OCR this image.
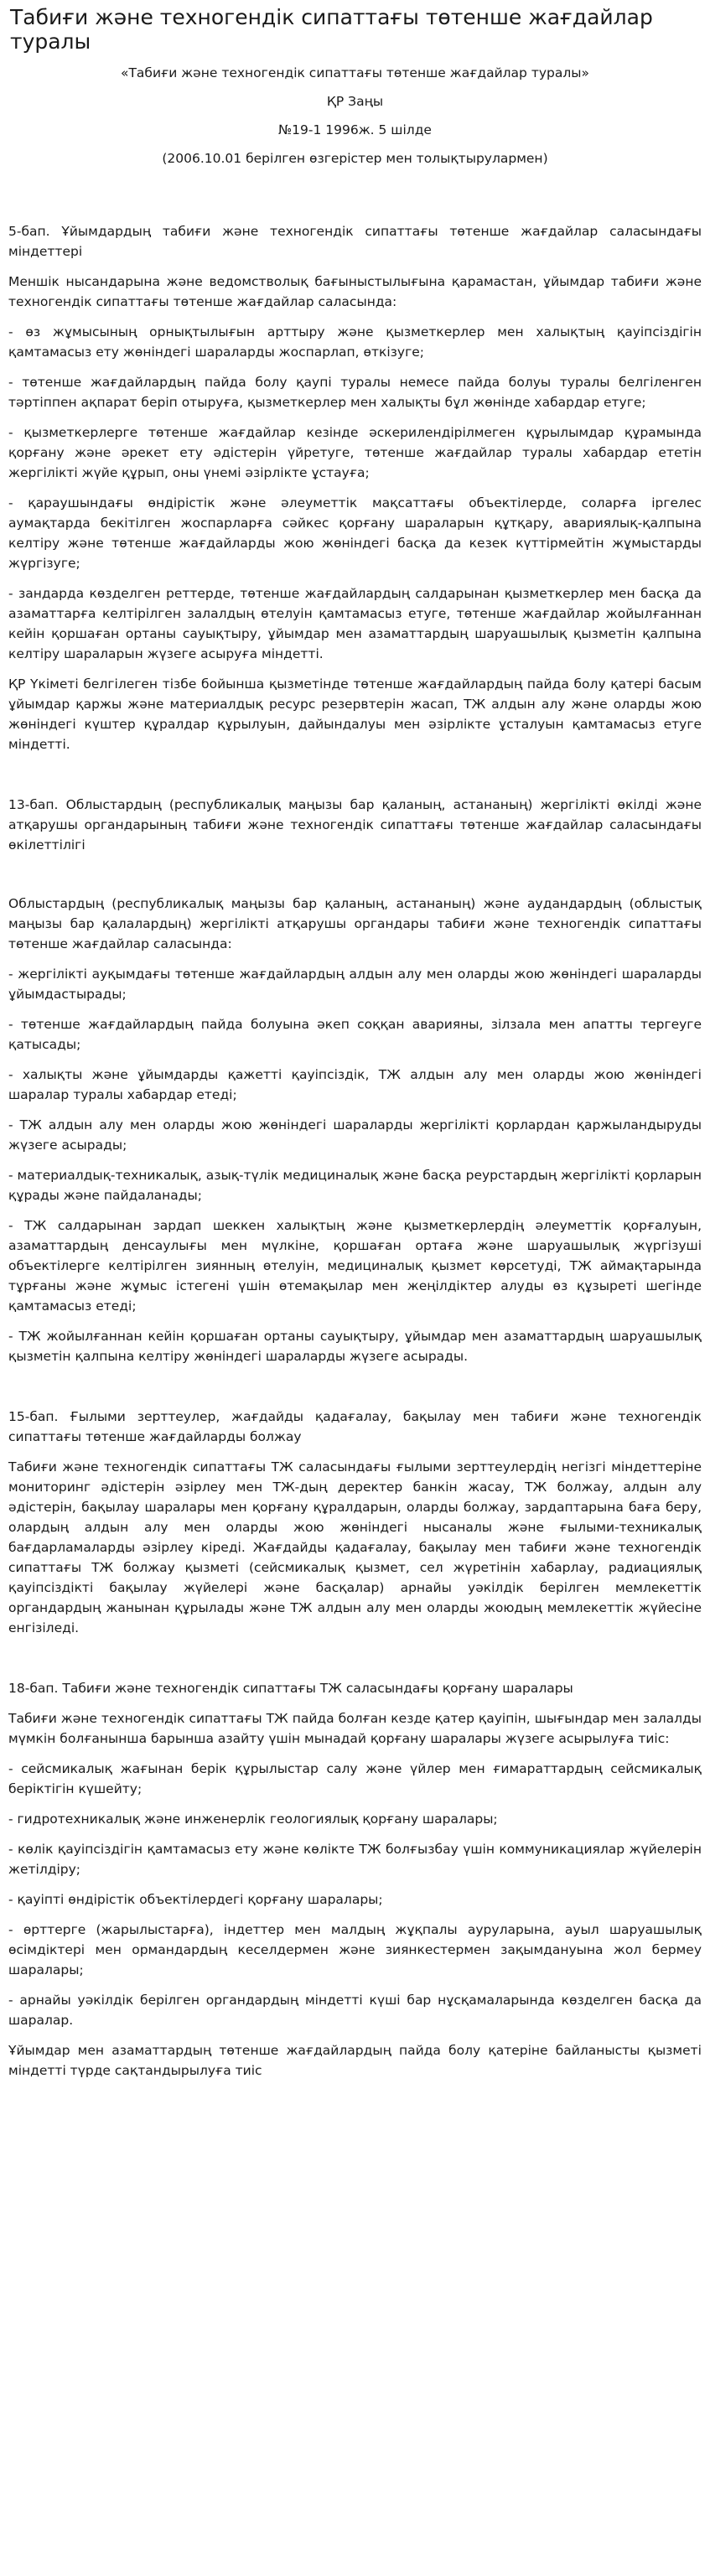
Табиғи және техногендік сипаттағы төтенше жағдайлар туралы
«Табиғи және техногендік сипаттағы төтенше жағдайлар туралы»
ҚР Заңы
№19-1 1996ж. 5 шілде
(2006.10.01 берілген өзгерістер мен толықтырулармен)
5-бап. Ұйымдардың табиғи және техногендік сипаттағы төтенше жағдайлар саласындағы міндеттері

Меншік нысандарына және ведомстволық бағыныстылығына қарамастан, ұйымдар табиғи және техногендік сипаттағы төтенше жағдайлар саласында:

- өз жұмысының орнықтылығын арттыру және қызметкерлер мен халықтың қауіпсіздігін қамтамасыз ету жөніндегі шараларды жоспарлап, өткізуге;

- төтенше жағдайлардың пайда болу қаупі туралы немесе пайда болуы туралы белгіленген тәртіппен ақпарат беріп отыруға, қызметкерлер мен халықты бұл жөнінде хабардар етуге;

- қызметкерлерге төтенше жағдайлар кезінде әскерилендірілмеген құрылымдар құрамында қорғану және әрекет ету әдістерін үйретуге, төтенше жағдайлар туралы хабардар ететін жергілікті жүйе құрып, оны үнемі әзірлікте ұстауға;

- қараушындағы өндірістік және әлеуметтік мақсаттағы объектілерде, соларға іргелес аумақтарда бекітілген жоспарларға сәйкес қорғану шараларын құтқару, авариялық-қалпына келтіру және төтенше жағдайларды жою жөніндегі басқа да кезек күттірмейтін жұмыстарды жүргізуге;

- зандарда көзделген реттерде, төтенше жағдайлардың салдарынан қызметкерлер мен басқа да азаматтарға келтірілген залалдың өтелуін қамтамасыз етуге, төтенше жағдайлар жойылғаннан кейін қоршаған ортаны сауықтыру, ұйымдар мен азаматтардың шаруашылық қызметін қалпына келтіру шараларын жүзеге асыруға міндетті.

ҚР Үкіметі белгілеген тізбе бойынша қызметінде төтенше жағдайлардың пайда болу қатері басым ұйымдар қаржы және материалдық ресурс резервтерін жасап, ТЖ алдын алу және оларды жою жөніндегі күштер құралдар құрылуын, дайындалуы мен әзірлікте ұсталуын қамтамасыз етуге міндетті.

13-бап. Облыстардың (республикалық маңызы бар қаланың, астананың) жергілікті өкілді және атқарушы органдарының табиғи және техногендік сипаттағы төтенше жағдайлар саласындағы өкілеттілігі

Облыстардың (республикалық маңызы бар қаланың, астананың) және аудандардың (облыстық маңызы бар қалалардың) жергілікті атқарушы органдары табиғи және техногендік сипаттағы төтенше жағдайлар саласында:

- жергілікті ауқымдағы төтенше жағдайлардың алдын алу мен оларды жою жөніндегі шараларды ұйымдастырады;

- төтенше жағдайлардың пайда болуына әкеп соққан аварияны, зілзала мен апатты тергеуге қатысады;

- халықты және ұйымдарды қажетті қауіпсіздік, ТЖ алдын алу мен оларды жою жөніндегі шаралар туралы хабардар етеді;

- ТЖ алдын алу мен оларды жою жөніндегі шараларды жергілікті қорлардан қаржыландыруды жүзеге асырады;

- материалдық-техникалық, азық-түлік медициналық және басқа реурстардың жергілікті қорларын құрады және пайдаланады;

- ТЖ салдарынан зардап шеккен халықтың және қызметкерлердің әлеуметтік қорғалуын, азаматтардың денсаулығы мен мүлкіне, қоршаған ортаға және шаруашылық жүргізуші объектілерге келтірілген зиянның өтелуін, медициналық қызмет көрсетуді, ТЖ аймақтарында тұрғаны және жұмыс істегені үшін өтемақылар мен жеңілдіктер алуды өз құзыреті шегінде қамтамасыз етеді;

- ТЖ жойылғаннан кейін қоршаған ортаны сауықтыру, ұйымдар мен азаматтардың шаруашылық қызметін қалпына келтіру жөніндегі шараларды жүзеге асырады.

15-бап. Ғылыми зерттеулер, жағдайды қадағалау, бақылау мен табиғи және техногендік сипаттағы төтенше жағдайларды болжау

Табиғи және техногендік сипаттағы ТЖ саласындағы ғылыми зерттеулердің негізгі міндеттеріне мониторинг әдістерін әзірлеу мен ТЖ-дың деректер банкін жасау, ТЖ болжау, алдын алу әдістерін, бақылау шаралары мен қорғану құралдарын, оларды болжау, зардаптарына баға беру, олардың алдын алу мен оларды жою жөніндегі нысаналы және ғылыми-техникалық бағдарламаларды әзірлеу кіреді. Жағдайды қадағалау, бақылау мен табиғи және техногендік сипаттағы ТЖ болжау қызметі (сейсмикалық қызмет, сел жүретінін хабарлау, радиациялық қауіпсіздікті бақылау жүйелері және басқалар) арнайы уәкілдік берілген мемлекеттік органдардың жанынан құрылады және ТЖ алдын алу мен оларды жоюдың мемлекеттік жүйесіне енгізіледі.

18-бап. Табиғи және техногендік сипаттағы ТЖ саласындағы қорғану шаралары

Табиғи және техногендік сипаттағы ТЖ пайда болған кезде қатер қауіпін, шығындар мен залалды мүмкін болғанынша барынша азайту үшін мынадай қорғану шаралары жүзеге асырылуға тиіс:

- сейсмикалық жағынан берік құрылыстар салу және үйлер мен ғимараттардың сейсмикалық беріктігін күшейту;

- гидротехникалық және инженерлік геологиялық қорғану шаралары;

- көлік қауіпсіздігін қамтамасыз ету және көлікте ТЖ болғызбау үшін коммуникациялар жүйелерін жетілдіру;

- қауіпті өндірістік объектілердегі қорғану шаралары;

- өрттерге (жарылыстарға), індеттер мен малдың жұқпалы ауруларына, ауыл шаруашылық өсімдіктері мен ормандардың кеселдермен және зиянкестермен зақымдануына жол бермеу шаралары;

- арнайы уәкілдік берілген органдардың міндетті күші бар нұсқамаларында көзделген басқа да шаралар.

Ұйымдар мен азаматтардың төтенше жағдайлардың пайда болу қатеріне байланысты қызметі міндетті түрде сақтандырылуға тиіс
